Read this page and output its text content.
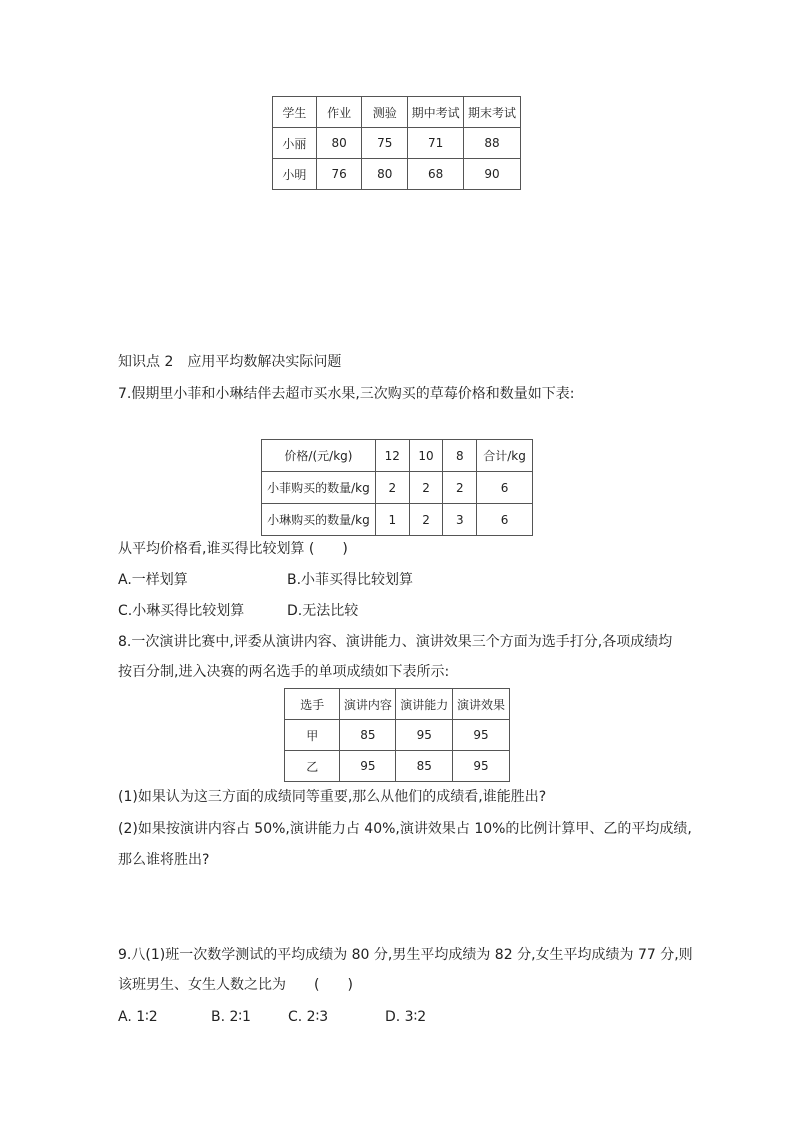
学生	作业	测验	期中考试	期末考试
小丽	80	75	71	88
小明	76	80	68	90
知识点 2　应用平均数解决实际问题
7.假期里小菲和小琳结伴去超市买水果,三次购买的草莓价格和数量如下表:
价格/(元/kg)	12	10	8	合计/kg
小菲购买的数量/kg	2	2	2	6
小琳购买的数量/kg	1	2	3	6
从平均价格看,谁买得比较划算 (　　)
A.一样划算	B.小菲买得比较划算
C.小琳买得比较划算	D.无法比较
8.一次演讲比赛中,评委从演讲内容、演讲能力、演讲效果三个方面为选手打分,各项成绩均
按百分制,进入决赛的两名选手的单项成绩如下表所示:
选手	演讲内容	演讲能力	演讲效果
甲	85	95	95
乙	95	85	95
(1)如果认为这三方面的成绩同等重要,那么从他们的成绩看,谁能胜出?
(2)如果按演讲内容占 50%,演讲能力占 40%,演讲效果占 10%的比例计算甲、乙的平均成绩,
那么谁将胜出?
9.八(1)班一次数学测试的平均成绩为 80 分,男生平均成绩为 82 分,女生平均成绩为 77 分,则
该班男生、女生人数之比为　　(　　)
A. 1∶2	B. 2∶1	C. 2∶3	D. 3∶2
